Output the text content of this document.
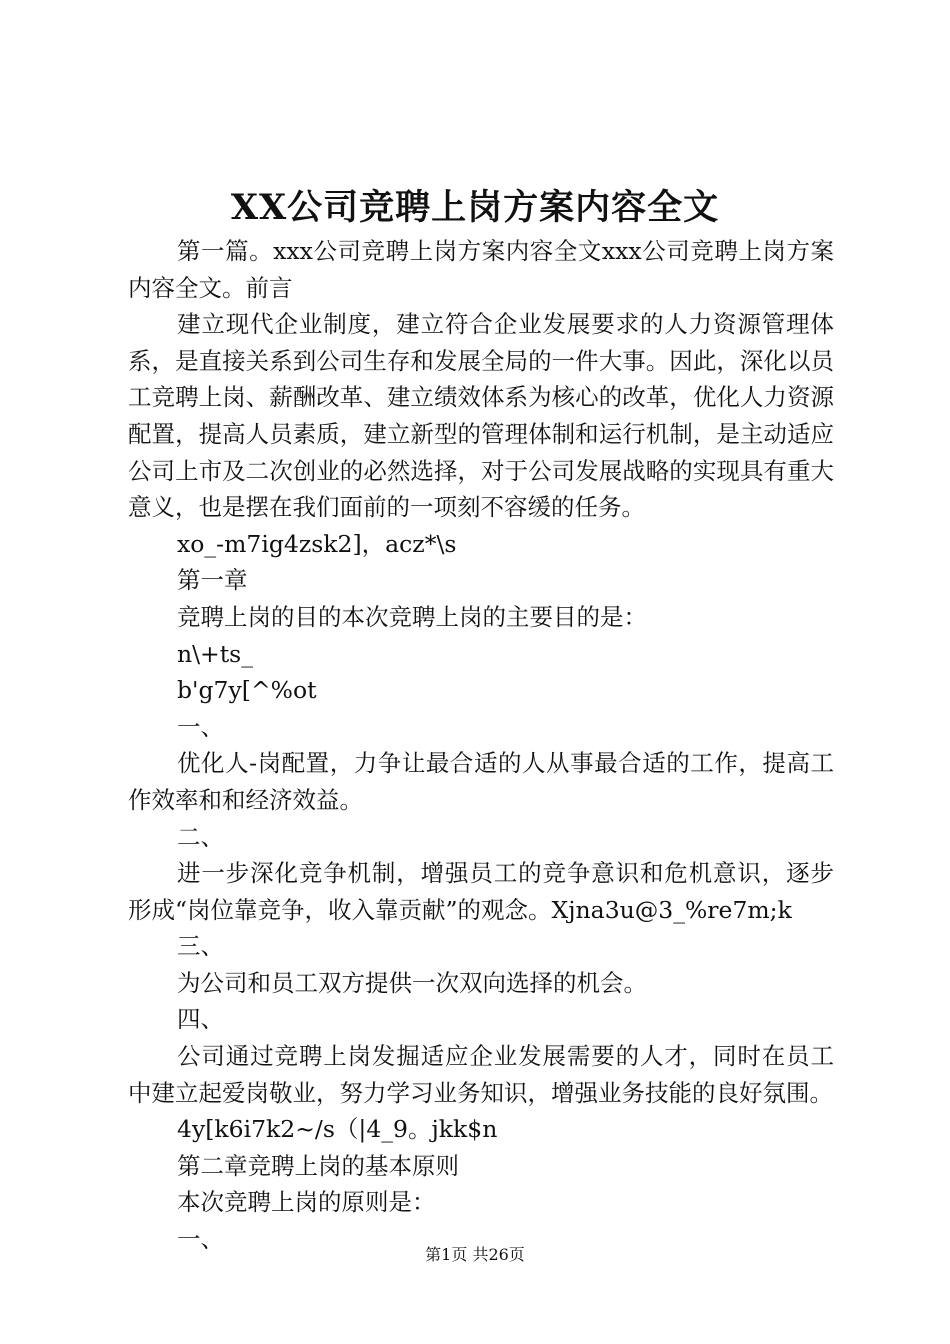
XX公司竞聘上岗方案内容全文

第一篇。xxx公司竞聘上岗方案内容全文xxx公司竞聘上岗方案内容全文。前言

建立现代企业制度，建立符合企业发展要求的人力资源管理体系，是直接关系到公司生存和发展全局的一件大事。因此，深化以员工竞聘上岗、薪酬改革、建立绩效体系为核心的改革，优化人力资源配置，提高人员素质，建立新型的管理体制和运行机制，是主动适应公司上市及二次创业的必然选择，对于公司发展战略的实现具有重大意义，也是摆在我们面前的一项刻不容缓的任务。

xo_-m7ig4zsk2]，acz*\s

第一章

竞聘上岗的目的本次竞聘上岗的主要目的是：

n\+ts_

b'g7y[^%ot

一、

优化人-岗配置，力争让最合适的人从事最合适的工作，提高工作效率和和经济效益。

二、

进一步深化竞争机制，增强员工的竞争意识和危机意识，逐步形成“岗位靠竞争，收入靠贡献”的观念。Xjna3u@3_%re7m;k

三、

为公司和员工双方提供一次双向选择的机会。

四、

公司通过竞聘上岗发掘适应企业发展需要的人才，同时在员工中建立起爱岗敬业，努力学习业务知识，增强业务技能的良好氛围。

4y[k6i7k2~/s（|4_9。jkk$n

第二章竞聘上岗的基本原则

本次竞聘上岗的原则是：

一、

第1页 共26页
